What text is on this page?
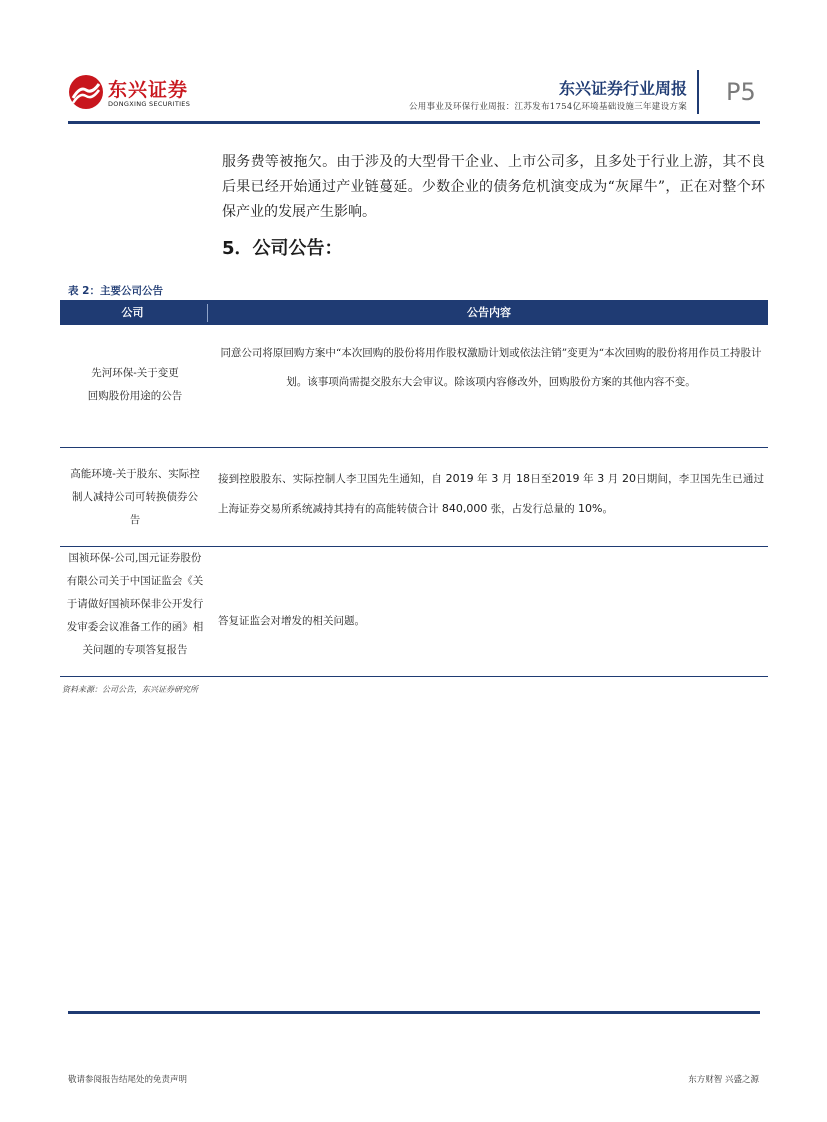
东兴证券
DONGXING SECURITIES
东兴证券行业周报
公用事业及环保行业周报：江苏发布1754亿环境基础设施三年建设方案
P5
服务费等被拖欠。由于涉及的大型骨干企业、上市公司多，且多处于行业上游，其不良后果已经开始通过产业链蔓延。少数企业的债务危机演变成为“灰犀牛”，正在对整个环保产业的发展产生影响。
5．公司公告：
表 2：主要公司公告
公司	公告内容
先河环保-关于变更回购股份用途的公告
同意公司将原回购方案中“本次回购的股份将用作股权激励计划或依法注销”变更为“本次回购的股份将用作员工持股计划。该事项尚需提交股东大会审议。除该项内容修改外，回购股份方案的其他内容不变。
高能环境-关于股东、实际控制人减持公司可转换债券公告
接到控股股东、实际控制人李卫国先生通知，自 2019 年 3 月 18日至2019 年 3 月 20日期间，李卫国先生已通过上海证券交易所系统减持其持有的高能转债合计 840,000 张，占发行总量的 10%。
国祯环保-公司,国元证券股份有限公司关于中国证监会《关于请做好国祯环保非公开发行发审委会议准备工作的函》相关问题的专项答复报告
答复证监会对增发的相关问题。
资料来源：公司公告，东兴证券研究所
敬请参阅报告结尾处的免责声明	东方财智 兴盛之源
